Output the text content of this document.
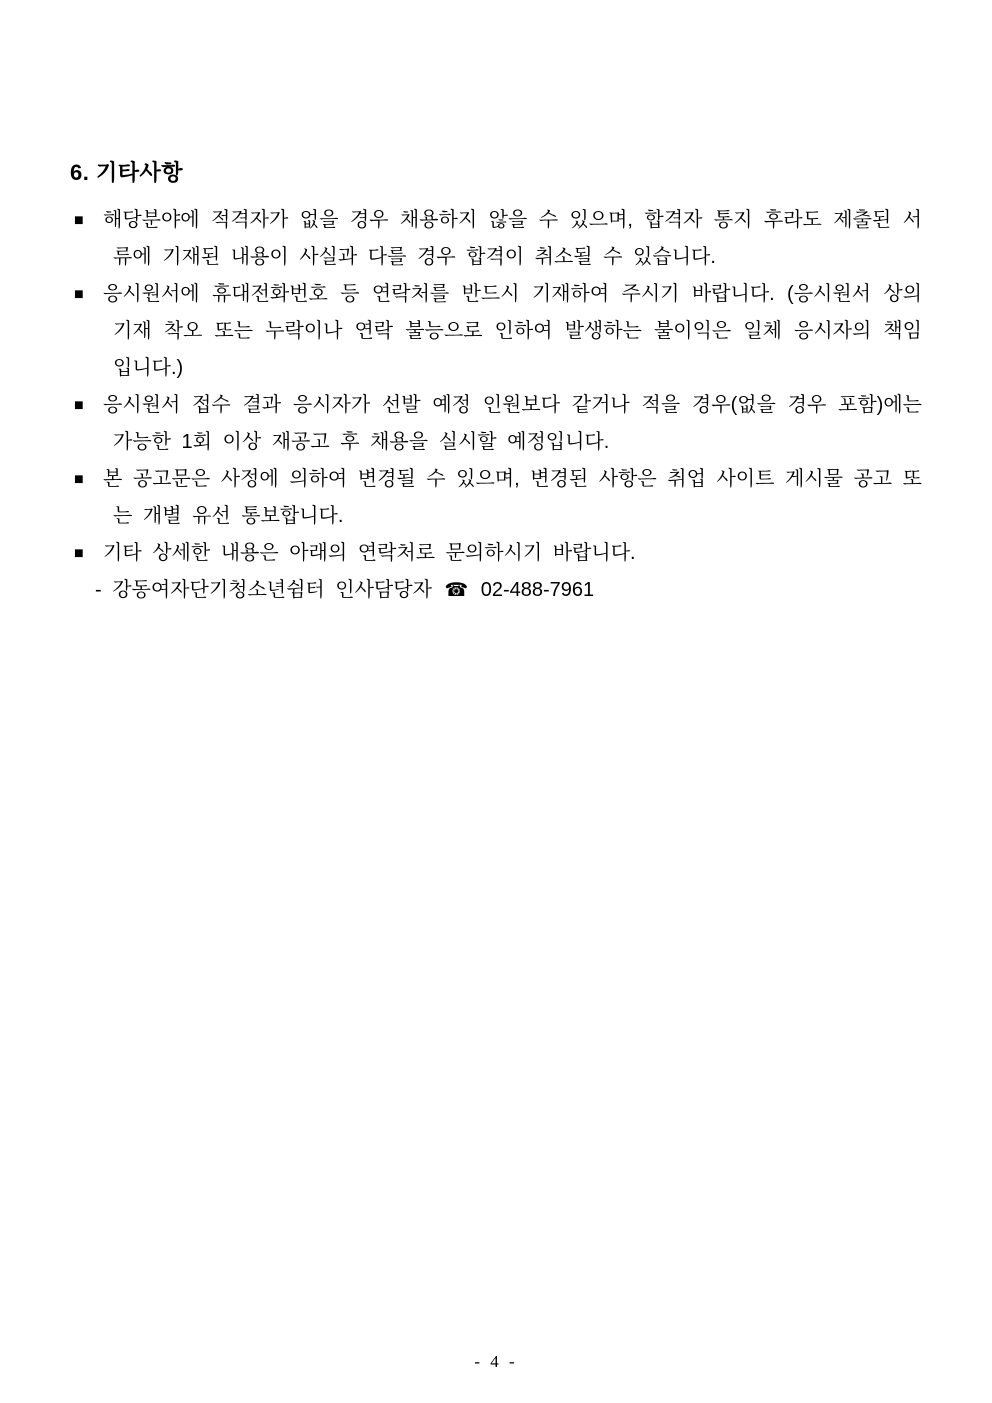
6. 기타사항
■ 해당분야에 적격자가 없을 경우 채용하지 않을 수 있으며, 합격자 통지 후라도 제출된 서류에 기재된 내용이 사실과 다를 경우 합격이 취소될 수 있습니다.
■ 응시원서에 휴대전화번호 등 연락처를 반드시 기재하여 주시기 바랍니다. (응시원서 상의 기재 착오 또는 누락이나 연락 불능으로 인하여 발생하는 불이익은 일체 응시자의 책임입니다.)
■ 응시원서 접수 결과 응시자가 선발 예정 인원보다 같거나 적을 경우(없을 경우 포함)에는 가능한 1회 이상 재공고 후 채용을 실시할 예정입니다.
■ 본 공고문은 사정에 의하여 변경될 수 있으며, 변경된 사항은 취업 사이트 게시물 공고 또는 개별 유선 통보합니다.
■ 기타 상세한 내용은 아래의 연락처로 문의하시기 바랍니다.
- 강동여자단기청소년쉼터 인사담당자 ☎ 02-488-7961
- 4 -
